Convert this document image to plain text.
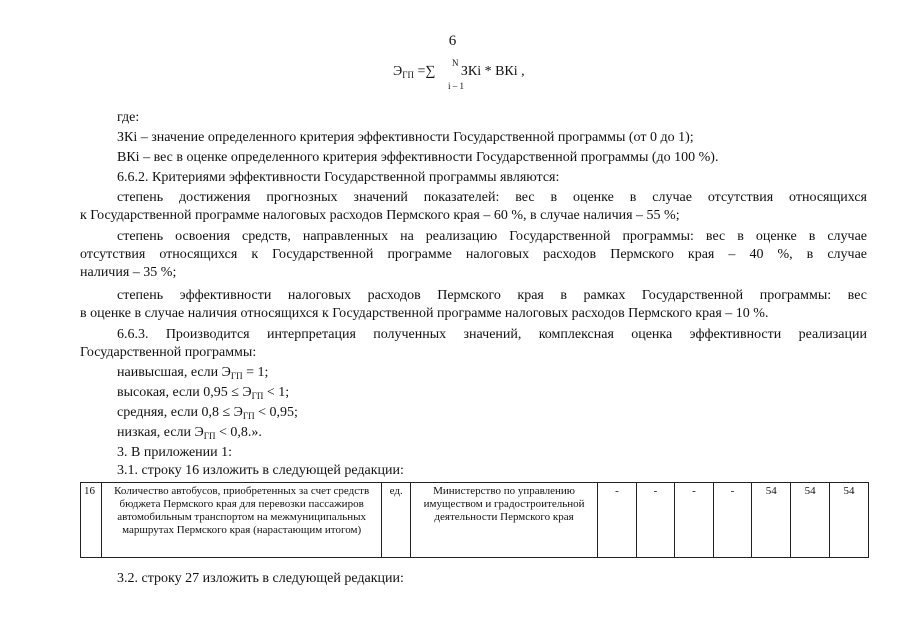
6
$Э_{ГП}$ =∑
N
i – 1
ЗКi * ВКi ,
где:
ЗКi – значение определенного критерия эффективности Государственной программы (от 0 до 1);
ВКi – вес в оценке определенного критерия эффективности Государственной программы (до 100 %).
6.6.2. Критериями эффективности Государственной программы являются:
степень достижения прогнозных значений показателей: вес в оценке в случае отсутствия относящихся
к Государственной программе налоговых расходов Пермского края – 60 %, в случае наличия – 55 %;
степень освоения средств, направленных на реализацию Государственной программы: вес в оценке в случае
отсутствия относящихся к Государственной программе налоговых расходов Пермского края – 40 %, в случае
наличия – 35 %;
степень эффективности налоговых расходов Пермского края в рамках Государственной программы: вес
в оценке в случае наличия относящихся к Государственной программе налоговых расходов Пермского края – 10 %.
6.6.3. Производится интерпретация полученных значений, комплексная оценка эффективности реализации
Государственной программы:
наивысшая, если $Э_{ГП} = 1$;
высокая, если $0,95 \le Э_{ГП} < 1$;
средняя, если $0,8 \le Э_{ГП} < 0,95$;
низкая, если $Э_{ГП} < 0,8$.».
3. В приложении 1:
3.1. строку 16 изложить в следующей редакции:
16	Количество автобусов, приобретенных за счет средств бюджета Пермского края для перевозки пассажиров автомобильным транспортом на межмуниципальных маршрутах Пермского края (нарастающим итогом)	ед.	Министерство по управлению имуществом и градостроительной деятельности Пермского края	-	-	-	-	54	54	54
3.2. строку 27 изложить в следующей редакции:
